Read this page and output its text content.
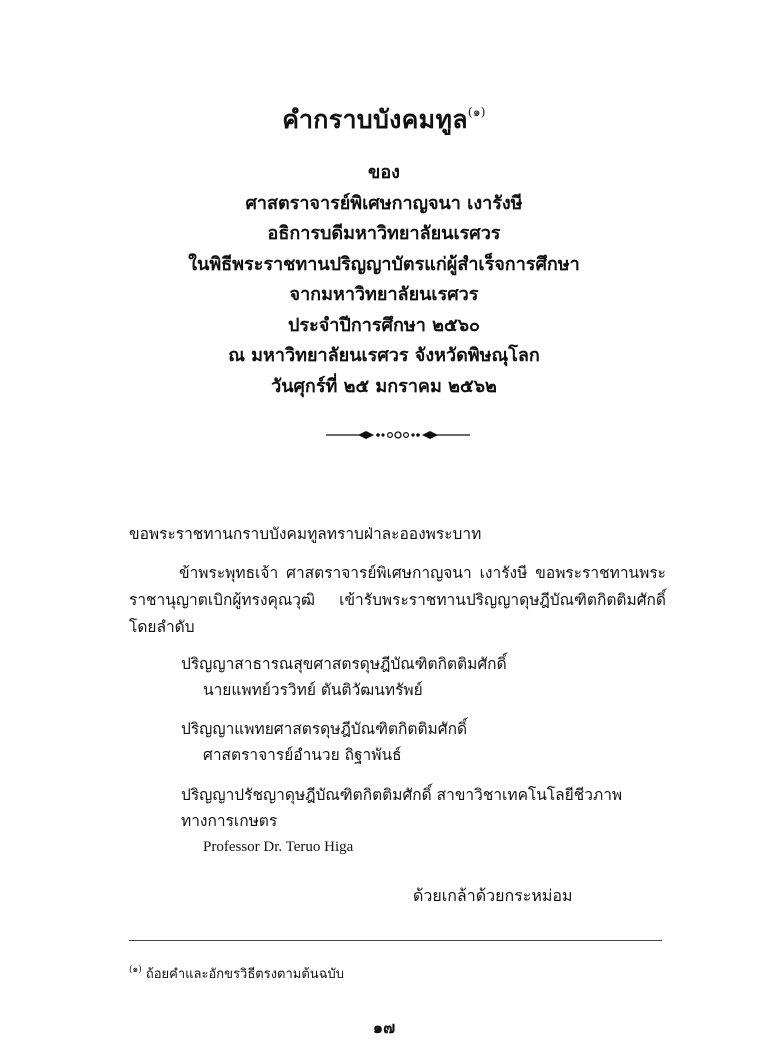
คำกราบบังคมทูล$^{(๑)}$
ของ
ศาสตราจารย์พิเศษกาญจนา เงารังษี
อธิการบดีมหาวิทยาลัยนเรศวร
ในพิธีพระราชทานปริญญาบัตรแก่ผู้สำเร็จการศึกษา
จากมหาวิทยาลัยนเรศวร
ประจำปีการศึกษา ๒๕๖๐
ณ มหาวิทยาลัยนเรศวร จังหวัดพิษณุโลก
วันศุกร์ที่ ๒๕ มกราคม ๒๕๖๒
ขอพระราชทานกราบบังคมทูลทราบฝ่าละอองพระบาท
ข้าพระพุทธเจ้า ศาสตราจารย์พิเศษกาญจนา เงารังษี ขอพระราชทานพระราชานุญาตเบิกผู้ทรงคุณวุฒิ เข้ารับพระราชทานปริญญาดุษฎีบัณฑิตกิตติมศักดิ์ โดยลำดับ
ปริญญาสาธารณสุขศาสตรดุษฎีบัณฑิตกิตติมศักดิ์
นายแพทย์วรวิทย์ ตันติวัฒนทรัพย์
ปริญญาแพทยศาสตรดุษฎีบัณฑิตกิตติมศักดิ์
ศาสตราจารย์อำนวย ถิฐาพันธ์
ปริญญาปรัชญาดุษฎีบัณฑิตกิตติมศักดิ์ สาขาวิชาเทคโนโลยีชีวภาพทางการเกษตร
Professor Dr. Teruo Higa
ด้วยเกล้าด้วยกระหม่อม
$^{(๑)}$ ถ้อยคำและอักขรวิธีตรงตามต้นฉบับ
๑๗
